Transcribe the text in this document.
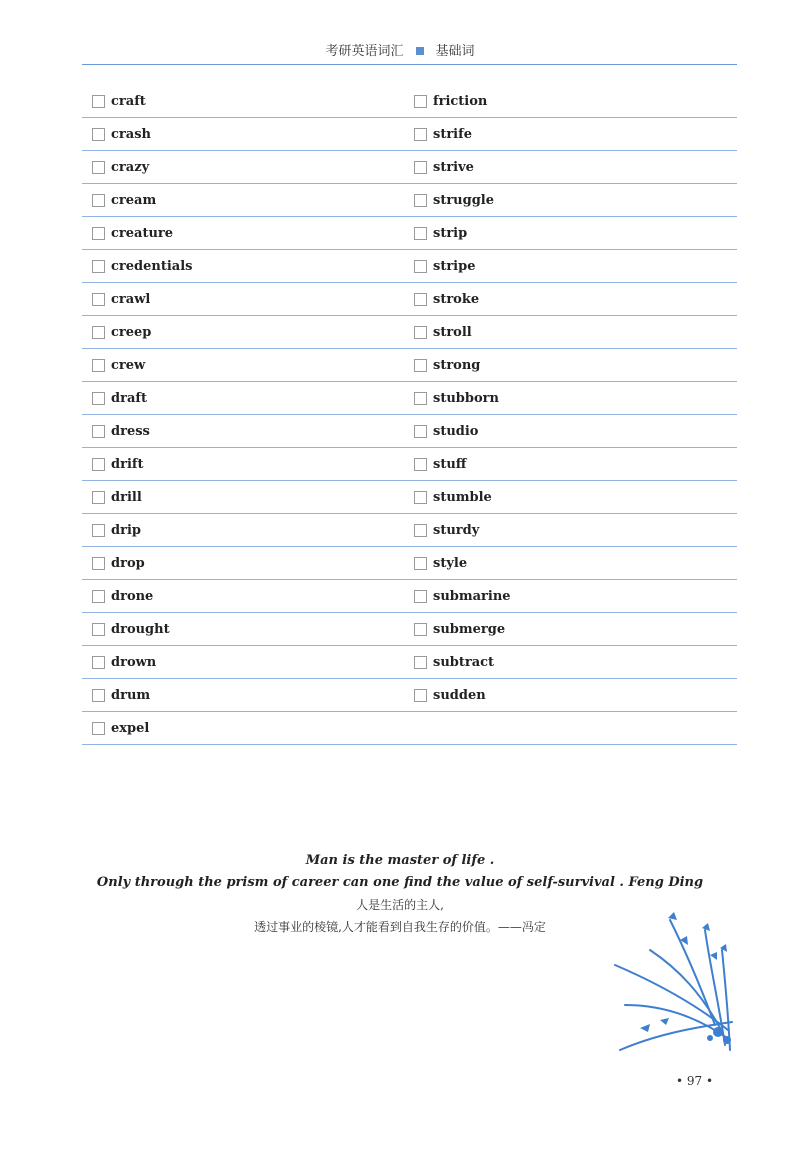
考研英语词汇 基础词
craft	friction
crash	strife
crazy	strive
cream	struggle
creature	strip
credentials	stripe
crawl	stroke
creep	stroll
crew	strong
draft	stubborn
dress	studio
drift	stuff
drill	stumble
drip	sturdy
drop	style
drone	submarine
drought	submerge
drown	subtract
drum	sudden
expel
Man is the master of life .
Only through the prism of career can one find the value of self-survival . Feng Ding
人是生活的主人,
透过事业的棱镜,人才能看到自我生存的价值。——冯定
• 97 •
